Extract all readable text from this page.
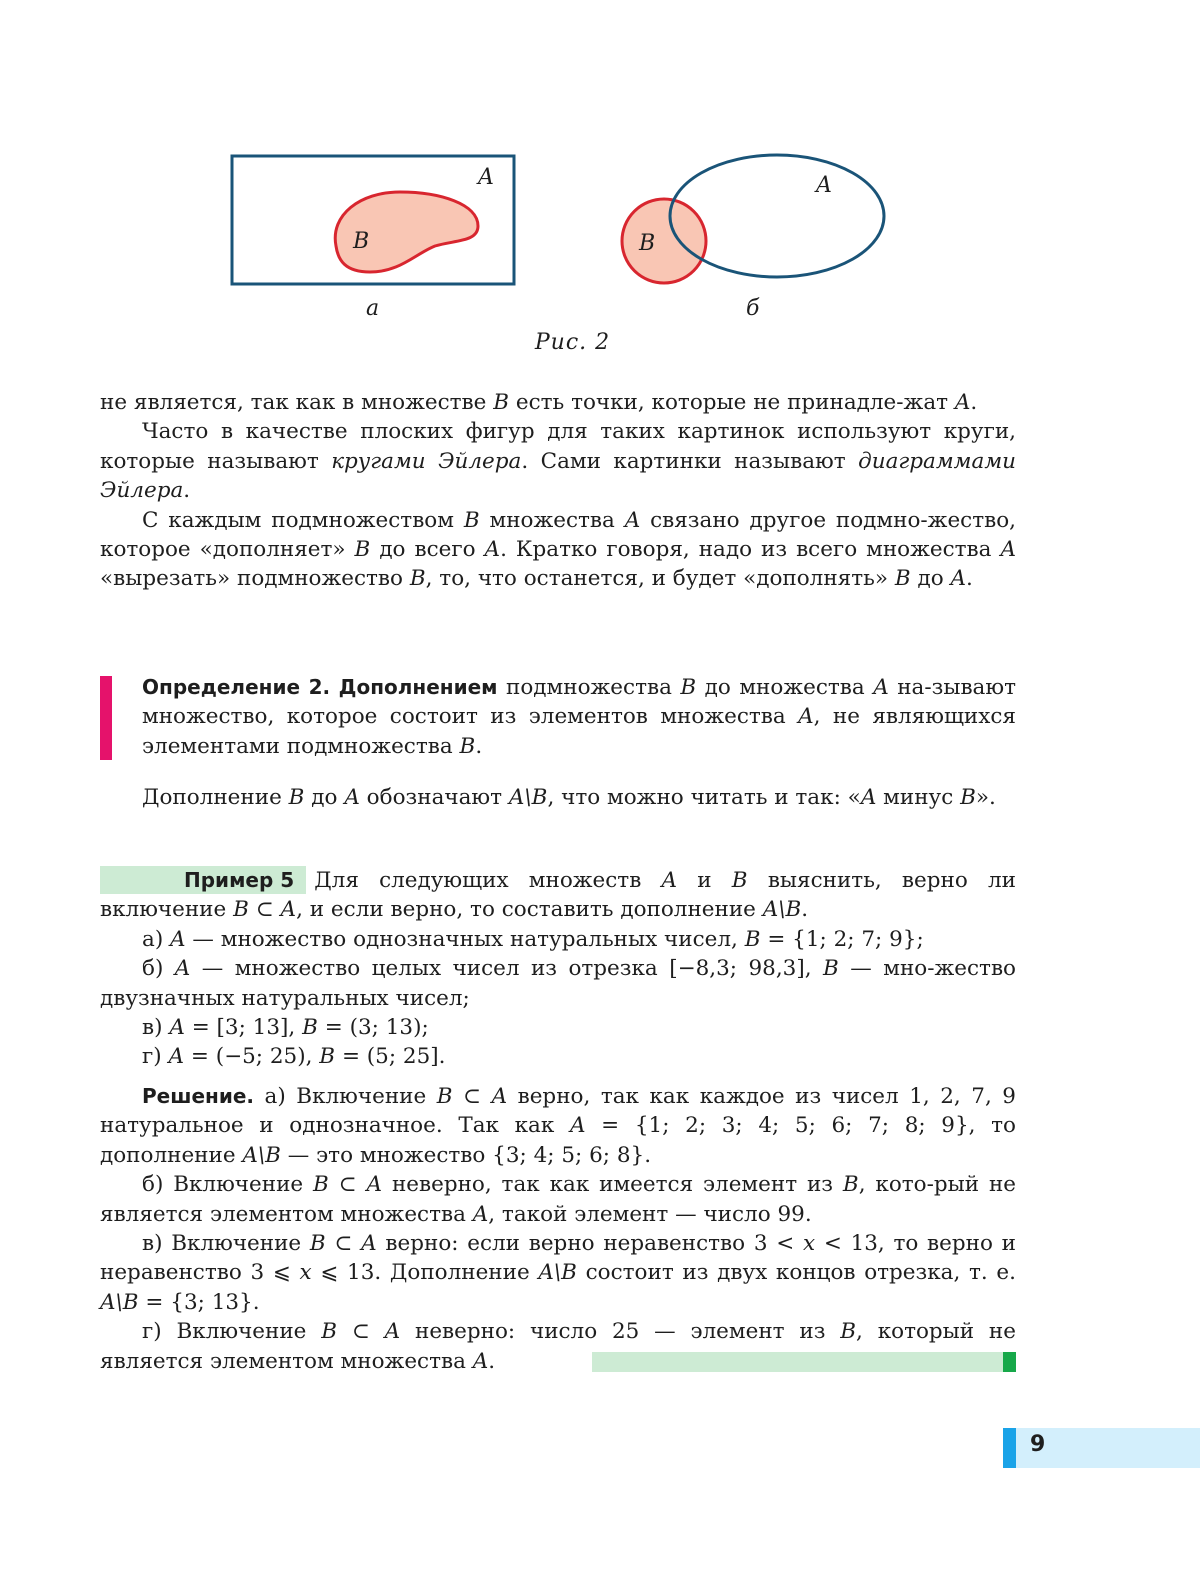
A
B
A
B
а	б
Рис. 2

не является, так как в множестве B есть точки, которые не принадле-жат A.

Часто в качестве плоских фигур для таких картинок используют круги, которые называют кругами Эйлера. Сами картинки называют диаграммами Эйлера.

С каждым подмножеством B множества A связано другое подмно-жество, которое «дополняет» B до всего A. Кратко говоря, надо из всего множества A «вырезать» подмножество B, то, что останется, и будет «дополнять» B до A.

Определение 2. Дополнением подмножества B до множества A на-зывают множество, которое состоит из элементов множества A, не являющихся элементами подмножества B.

Дополнение B до A обозначают A\B, что можно читать и так: «A минус B».

Пример 5 Для следующих множеств A и B выяснить, верно ли включение B ⊂ A, и если верно, то составить дополнение A\B.

а) A — множество однозначных натуральных чисел, B = {1; 2; 7; 9};

б) A — множество целых чисел из отрезка [−8,3; 98,3], B — мно-жество двузначных натуральных чисел;

в) A = [3; 13], B = (3; 13);

г) A = (−5; 25), B = (5; 25].

Решение. а) Включение B ⊂ A верно, так как каждое из чисел 1, 2, 7, 9 натуральное и однозначное. Так как A = {1; 2; 3; 4; 5; 6; 7; 8; 9}, то дополнение A\B — это множество {3; 4; 5; 6; 8}.

б) Включение B ⊂ A неверно, так как имеется элемент из B, кото-рый не является элементом множества A, такой элемент — число 99.

в) Включение B ⊂ A верно: если верно неравенство 3 < x < 13, то верно и неравенство 3 ⩽ x ⩽ 13. Дополнение A\B состоит из двух концов отрезка, т. е. A\B = {3; 13}.

г) Включение B ⊂ A неверно: число 25 — элемент из B, который не является элементом множества A.

9
